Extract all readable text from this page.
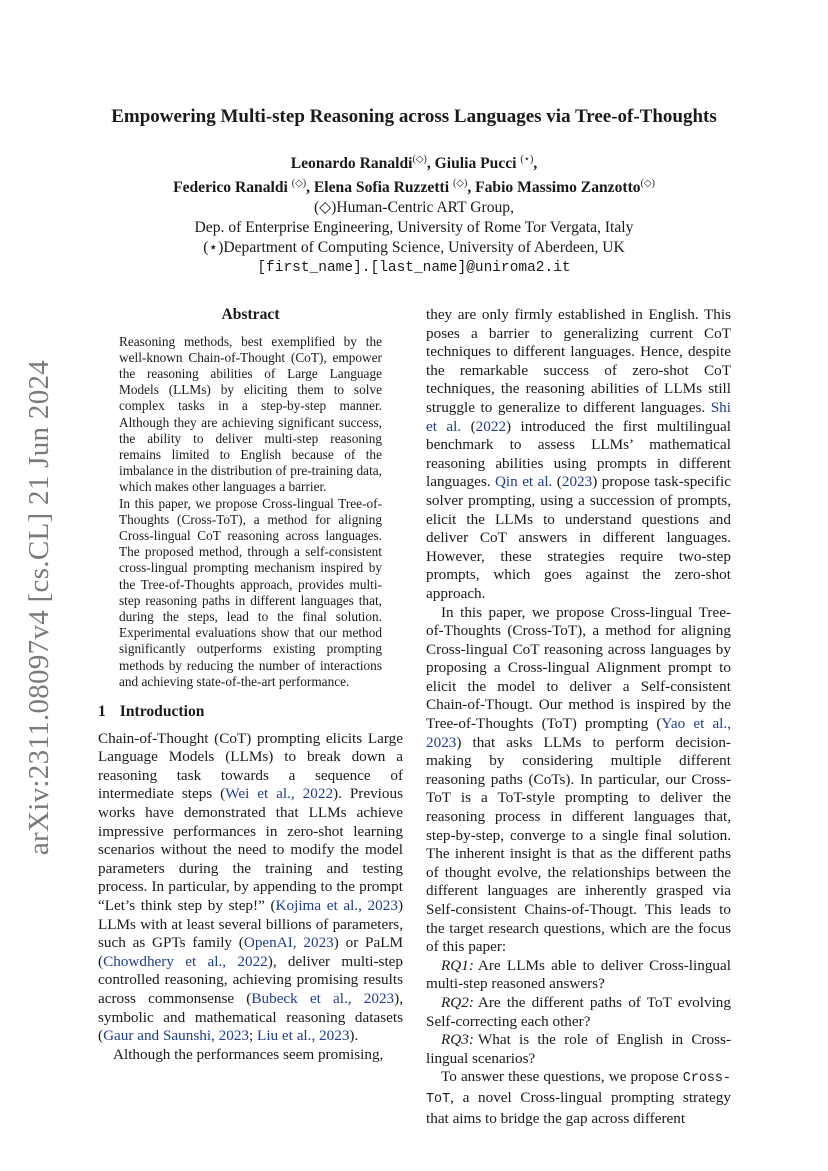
arXiv:2311.08097v4 [cs.CL] 21 Jun 2024
Empowering Multi-step Reasoning across Languages via Tree-of-Thoughts
Leonardo Ranaldi(◇), Giulia Pucci (⋆),
Federico Ranaldi (◇), Elena Sofia Ruzzetti (◇), Fabio Massimo Zanzotto(◇)
(◇)Human-Centric ART Group,
Dep. of Enterprise Engineering, University of Rome Tor Vergata, Italy
(⋆)Department of Computing Science, University of Aberdeen, UK
[first_name].[last_name]@uniroma2.it
Abstract

Reasoning methods, best exemplified by the well-known Chain-of-Thought (CoT), empower the reasoning abilities of Large Language Models (LLMs) by eliciting them to solve complex tasks in a step-by-step manner. Although they are achieving significant success, the ability to deliver multi-step reasoning remains limited to English because of the imbalance in the distribution of pre-training data, which makes other languages a barrier.

In this paper, we propose Cross-lingual Tree-of-Thoughts (Cross-ToT), a method for aligning Cross-lingual CoT reasoning across languages. The proposed method, through a self-consistent cross-lingual prompting mechanism inspired by the Tree-of-Thoughts approach, provides multi-step reasoning paths in different languages that, during the steps, lead to the final solution. Experimental evaluations show that our method significantly outperforms existing prompting methods by reducing the number of interactions and achieving state-of-the-art performance.

1 Introduction

Chain-of-Thought (CoT) prompting elicits Large Language Models (LLMs) to break down a reasoning task towards a sequence of intermediate steps (Wei et al., 2022). Previous works have demonstrated that LLMs achieve impressive performances in zero-shot learning scenarios without the need to modify the model parameters during the training and testing process. In particular, by appending to the prompt “Let’s think step by step!” (Kojima et al., 2023) LLMs with at least several billions of parameters, such as GPTs family (OpenAI, 2023) or PaLM (Chowdhery et al., 2022), deliver multi-step controlled reasoning, achieving promising results across commonsense (Bubeck et al., 2023), symbolic and mathematical reasoning datasets (Gaur and Saunshi, 2023; Liu et al., 2023).

Although the performances seem promising,

they are only firmly established in English. This poses a barrier to generalizing current CoT techniques to different languages. Hence, despite the remarkable success of zero-shot CoT techniques, the reasoning abilities of LLMs still struggle to generalize to different languages. Shi et al. (2022) introduced the first multilingual benchmark to assess LLMs’ mathematical reasoning abilities using prompts in different languages. Qin et al. (2023) propose task-specific solver prompting, using a succession of prompts, elicit the LLMs to understand questions and deliver CoT answers in different languages. However, these strategies require two-step prompts, which goes against the zero-shot approach.

In this paper, we propose Cross-lingual Tree-of-Thoughts (Cross-ToT), a method for aligning Cross-lingual CoT reasoning across languages by proposing a Cross-lingual Alignment prompt to elicit the model to deliver a Self-consistent Chain-of-Thougt. Our method is inspired by the Tree-of-Thoughts (ToT) prompting (Yao et al., 2023) that asks LLMs to perform decision-making by considering multiple different reasoning paths (CoTs). In particular, our Cross-ToT is a ToT-style prompting to deliver the reasoning process in different languages that, step-by-step, converge to a single final solution. The inherent insight is that as the different paths of thought evolve, the relationships between the different languages are inherently grasped via Self-consistent Chains-of-Thougt. This leads to the target research questions, which are the focus of this paper:

RQ1: Are LLMs able to deliver Cross-lingual multi-step reasoned answers?

RQ2: Are the different paths of ToT evolving Self-correcting each other?

RQ3: What is the role of English in Cross-lingual scenarios?

To answer these questions, we propose Cross-ToT, a novel Cross-lingual prompting strategy that aims to bridge the gap across different
